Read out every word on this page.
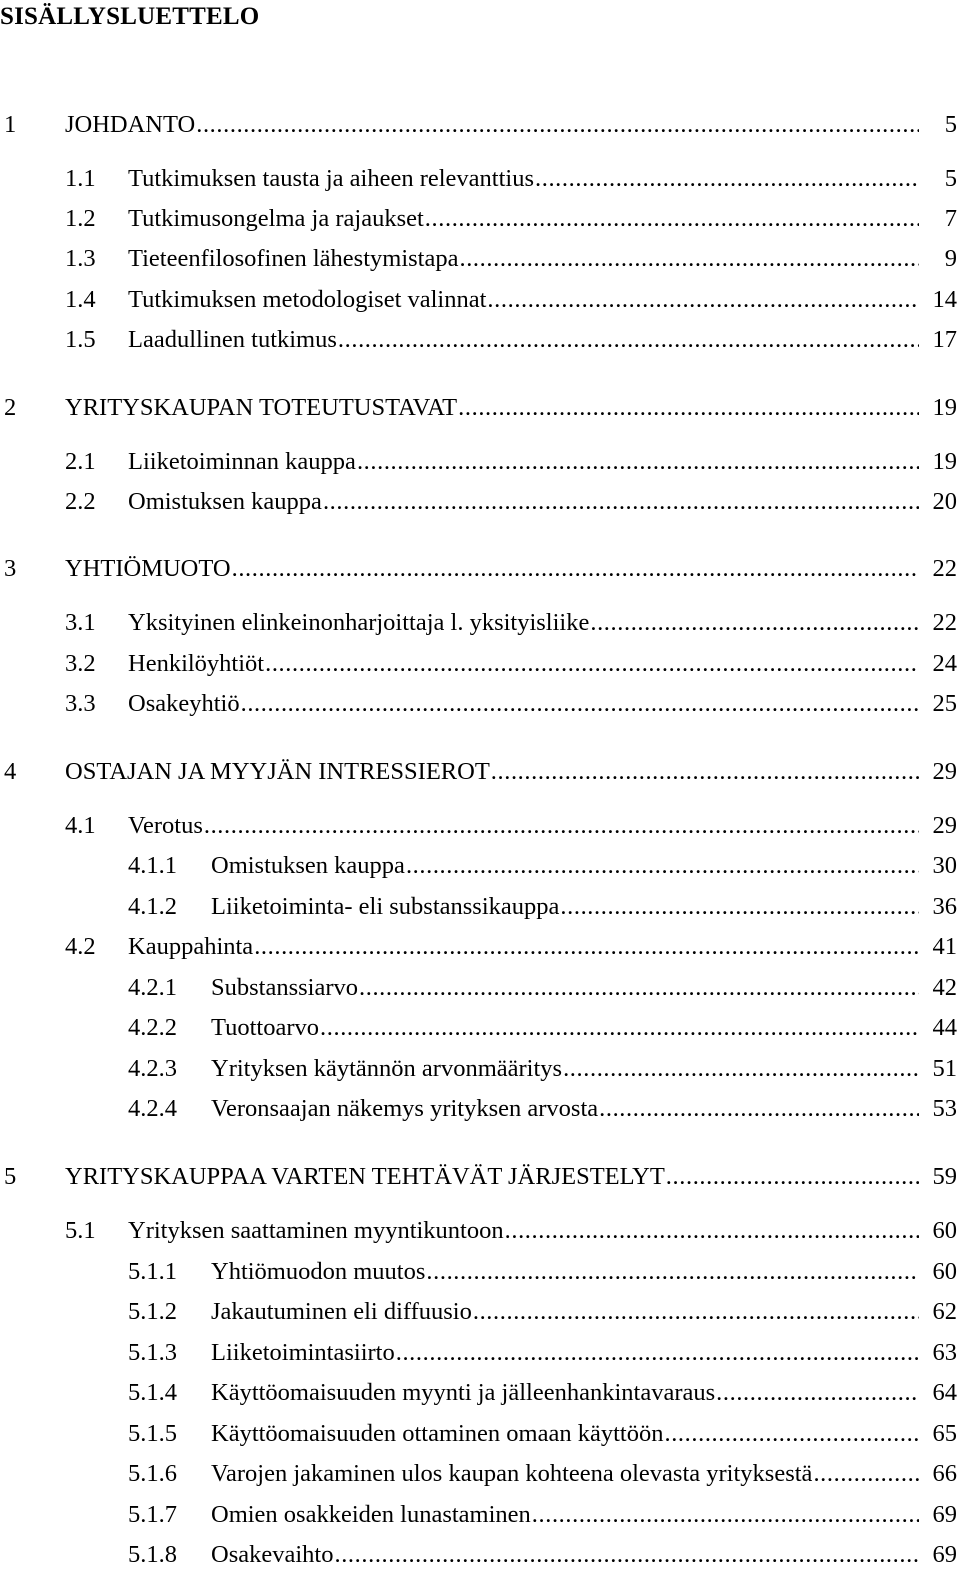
SISÄLLYSLUETTELO
1 JOHDANTO .....	5
1.1 Tutkimuksen tausta ja aiheen relevanttius .....	5
1.2 Tutkimusongelma ja rajaukset .....	7
1.3 Tieteenfilosofinen lähestymistapa .....	9
1.4 Tutkimuksen metodologiset valinnat .....	14
1.5 Laadullinen tutkimus .....	17
2 YRITYSKAUPAN TOTEUTUSTAVAT .....	19
2.1 Liiketoiminnan kauppa .....	19
2.2 Omistuksen kauppa .....	20
3 YHTIÖMUOTO .....	22
3.1 Yksityinen elinkeinonharjoittaja l. yksityisliike .....	22
3.2 Henkilöyhtiöt .....	24
3.3 Osakeyhtiö .....	25
4 OSTAJAN JA MYYJÄN INTRESSIEROT .....	29
4.1 Verotus .....	29
4.1.1 Omistuksen kauppa .....	30
4.1.2 Liiketoiminta- eli substanssikauppa .....	36
4.2 Kauppahinta .....	41
4.2.1 Substanssiarvo .....	42
4.2.2 Tuottoarvo .....	44
4.2.3 Yrityksen käytännön arvonmääritys .....	51
4.2.4 Veronsaajan näkemys yrityksen arvosta .....	53
5 YRITYSKAUPPAA VARTEN TEHTÄVÄT JÄRJESTELYT .....	59
5.1 Yrityksen saattaminen myyntikuntoon .....	60
5.1.1 Yhtiömuodon muutos .....	60
5.1.2 Jakautuminen eli diffuusio .....	62
5.1.3 Liiketoimintasiirto .....	63
5.1.4 Käyttöomaisuuden myynti ja jälleenhankintavaraus .....	64
5.1.5 Käyttöomaisuuden ottaminen omaan käyttöön .....	65
5.1.6 Varojen jakaminen ulos kaupan kohteena olevasta yrityksestä .....	66
5.1.7 Omien osakkeiden lunastaminen .....	69
5.1.8 Osakevaihto .....	69
